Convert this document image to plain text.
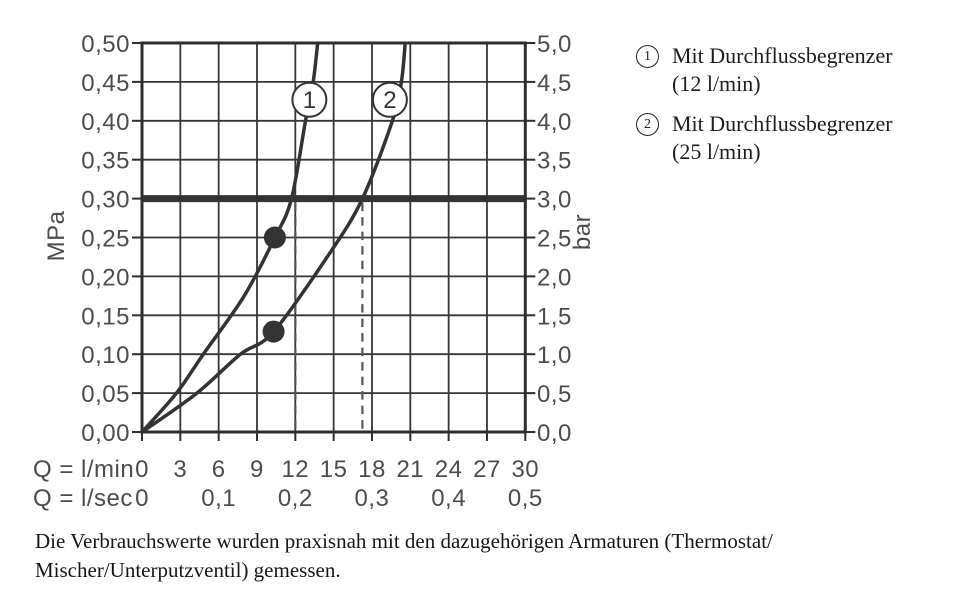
1	2
0,00
0,05
0,10
0,15
0,20
0,25
0,30
0,35
0,40
0,45
0,50
0,0
0,5
1,0
1,5
2,0
2,5
3,0
3,5
4,0
4,5
5,0
Q = l/min 0 3 6 9 12 15 18 21 24 27 30
Q = l/sec 0 0,1 0,2 0,3 0,4 0,5
MPa	bar
1 Mit Durchflussbegrenzer
(12 l/min)
2 Mit Durchflussbegrenzer
(25 l/min)
Die Verbrauchswerte wurden praxisnah mit den dazugehörigen Armaturen (Thermostat/
Mischer/Unterputzventil) gemessen.
